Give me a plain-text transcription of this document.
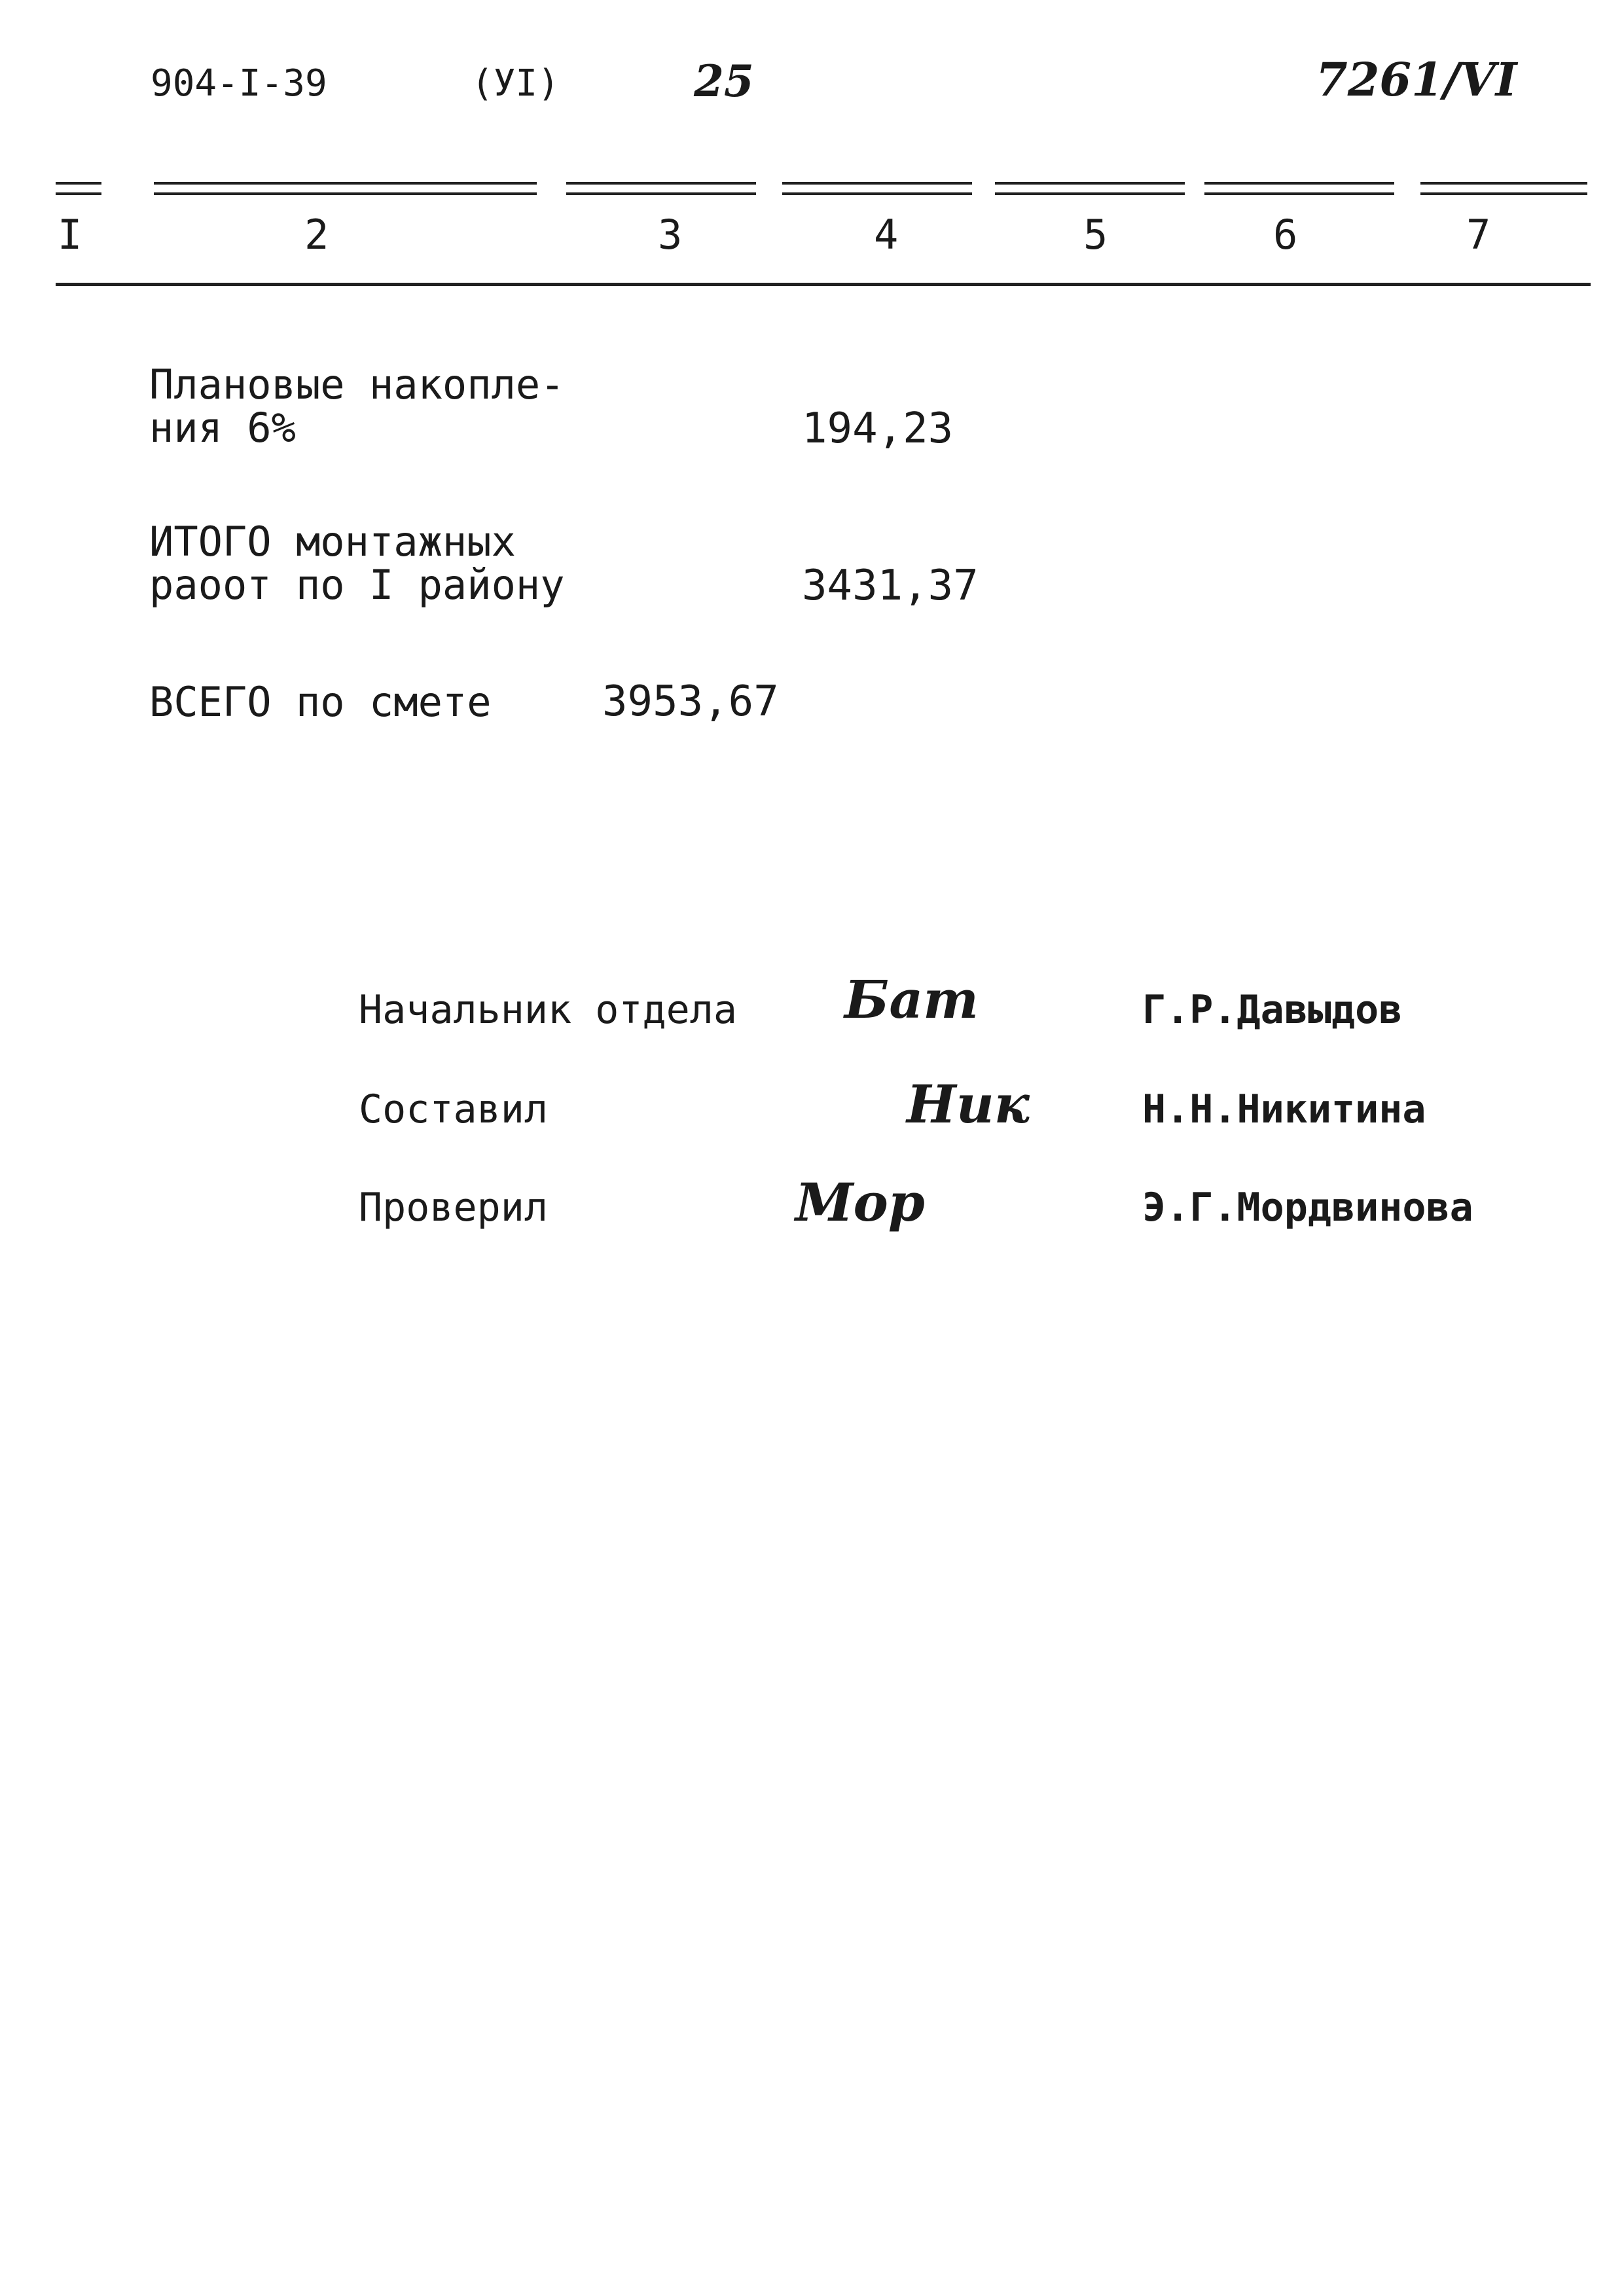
904-I-39	(УI)	25	7261/VI
I	2	3	4	5	6	7
Плановые накопле-
ния 6%	194,23
ИТОГО монтажных
раоот по I району	3431,37
ВСЕГО по смете	3953,67
Начальник отдела Бат	Г.Р.Давыдов
Составил	Ник	Н.Н.Никитина
Проверил	Мор	Э.Г.Мордвинова
